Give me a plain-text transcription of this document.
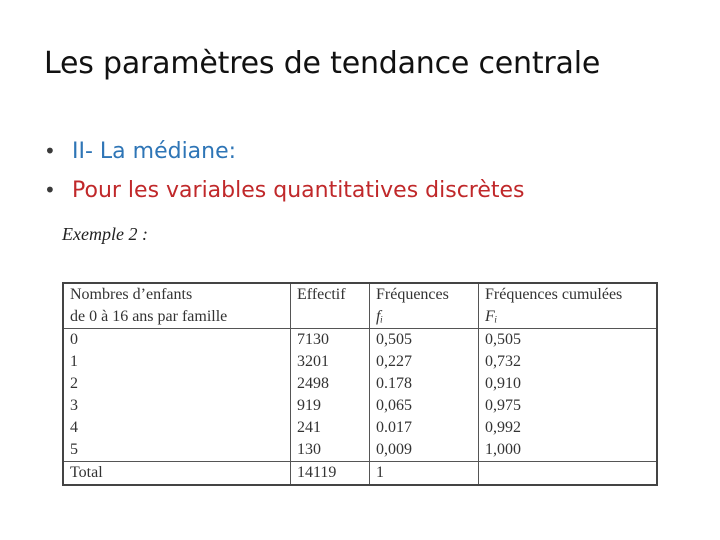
Les paramètres de tendance centrale
• II- La médiane:
• Pour les variables quantitatives discrètes
Exemple 2 :
Nombres d’enfants	Effectif	Fréquences	Fréquences cumulées
de 0 à 16 ans par famille		fᵢ	Fᵢ
0	7130	0,505	0,505
1	3201	0,227	0,732
2	2498	0.178	0,910
3	919	0,065	0,975
4	241	0.017	0,992
5	130	0,009	1,000
Total	14119	1	
